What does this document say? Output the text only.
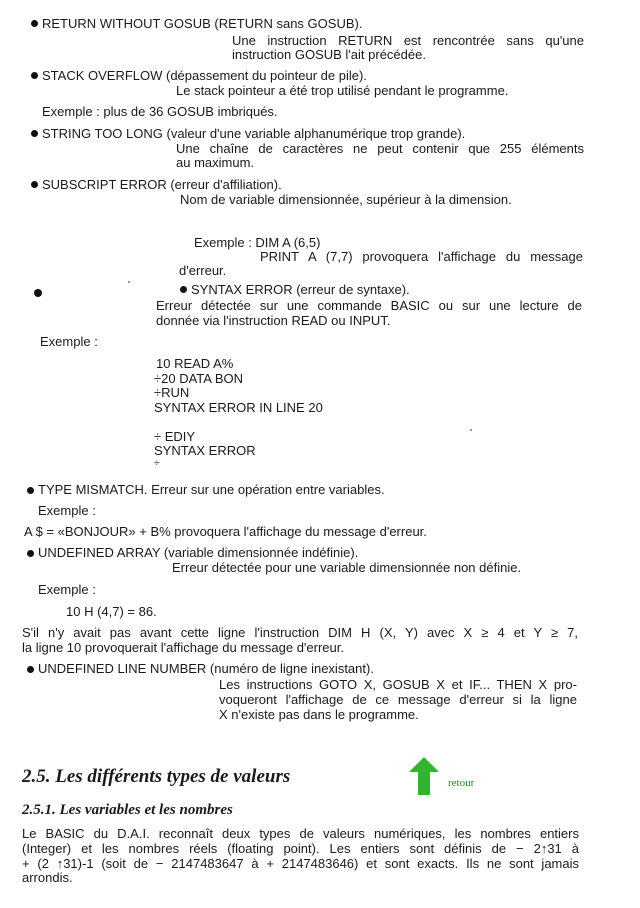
RETURN WITHOUT GOSUB (RETURN sans GOSUB).
Une instruction RETURN est rencontrée sans qu'une
instruction GOSUB l'ait précédée.
STACK OVERFLOW (dépassement du pointeur de pile).
Le stack pointeur a été trop utilisé pendant le programme.
Exemple : plus de 36 GOSUB imbriqués.
STRING TOO LONG (valeur d'une variable alphanumérique trop grande).
Une chaîne de caractères ne peut contenir que 255 éléments
au maximum.
SUBSCRIPT ERROR (erreur d'affiliation).
Nom de variable dimensionnée, supérieur à la dimension.
Exemple : DIM A (6,5)
PRINT A (7,7) provoquera l'affichage du message
d'erreur.
SYNTAX ERROR (erreur de syntaxe).
Erreur détectée sur une commande BASIC ou sur une lecture de
donnée via l'instruction READ ou INPUT.
Exemple :
10 READ A%
÷20 DATA BON
÷RUN
SYNTAX ERROR IN LINE 20
÷ EDIY
SYNTAX ERROR
÷
TYPE MISMATCH. Erreur sur une opération entre variables.
Exemple :
A $ = «BONJOUR» + B% provoquera l'affichage du message d'erreur.
UNDEFINED ARRAY (variable dimensionnée indéfinie).
Erreur détectée pour une variable dimensionnée non définie.
Exemple :
10 H (4,7) = 86.
S'il n'y avait pas avant cette ligne l'instruction DIM H (X, Y) avec X ≥ 4 et Y ≥ 7,
la ligne 10 provoquerait l'affichage du message d'erreur.
UNDEFINED LINE NUMBER (numéro de ligne inexistant).
Les instructions GOTO X, GOSUB X et IF... THEN X pro-
voqueront l'affichage de ce message d'erreur si la ligne
X n'existe pas dans le programme.
2.5. Les différents types de valeurs	retour
2.5.1. Les variables et les nombres
Le BASIC du D.A.I. reconnaît deux types de valeurs numériques, les nombres entiers
(Integer) et les nombres réels (floating point). Les entiers sont définis de − 2↑31 à
+ (2 ↑31)-1 (soit de − 2147483647 à + 2147483646) et sont exacts. Ils ne sont jamais
arrondis.
